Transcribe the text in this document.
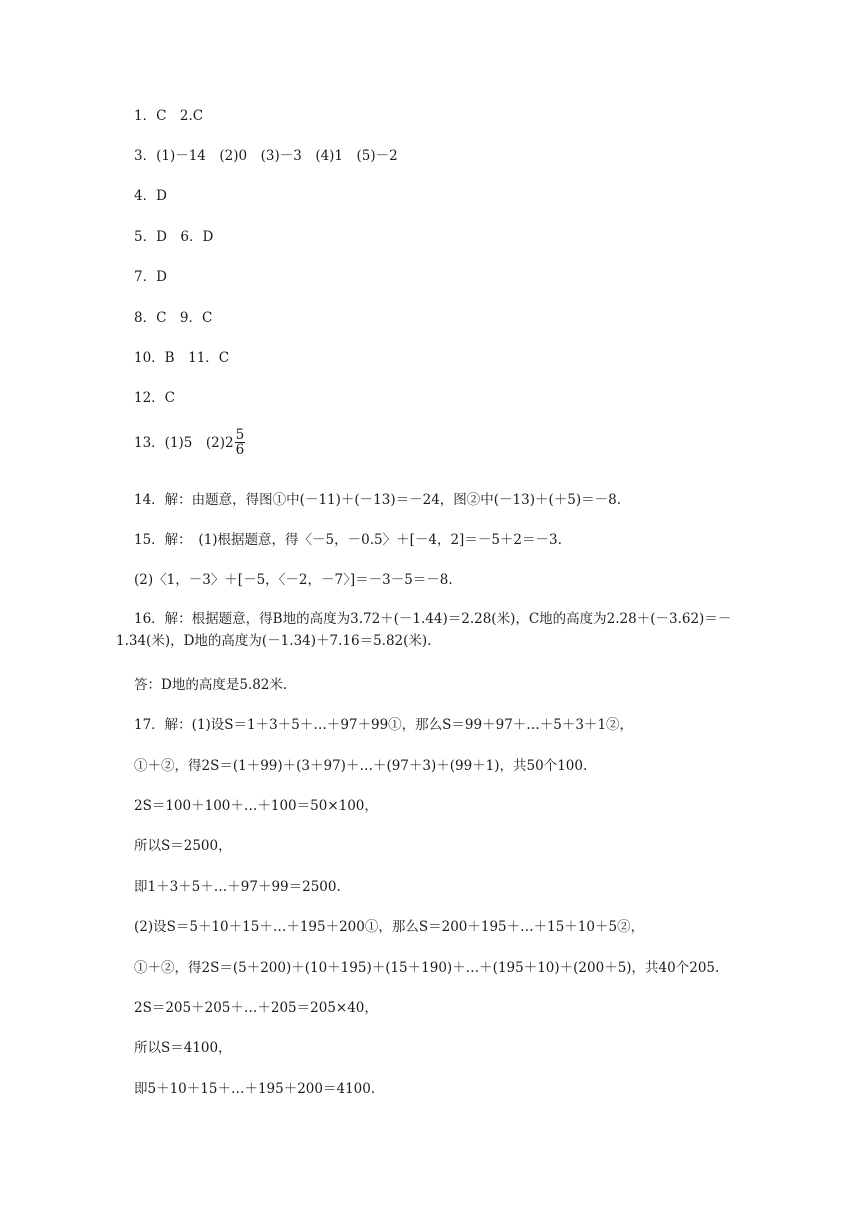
1．C　2.C
3．(1)－14　(2)0　(3)－3　(4)1　(5)－2
4．D
5．D　6．D
7．D
8．C　9．C
10．B　11．C
12．C
13．(1)5　(2) $2 \frac{5}{6}$
14．解：由题意，得图①中(－11)＋(－13)＝－24，图②中(－13)＋(＋5)＝－8.
15．解：　(1)根据题意，得〈－5，－0.5〉＋[－4，2]＝－5＋2＝－3.
(2)〈1，－3〉＋[－5，〈－2，－7〉]＝－3－5＝－8.
16．解：根据题意，得B地的高度为3.72＋(－1.44)＝2.28(米)，C地的高度为2.28＋(－3.62)＝－1.34(米)，D地的高度为(－1.34)＋7.16＝5.82(米).
答：D地的高度是5.82米.
17．解：(1)设S＝1＋3＋5＋…＋97＋99①，那么S＝99＋97＋…＋5＋3＋1②，
①＋②，得2S＝(1＋99)＋(3＋97)＋…＋(97＋3)＋(99＋1)，共50个100.
2S＝100＋100＋…＋100＝50×100，
所以S＝2500，
即1＋3＋5＋…＋97＋99＝2500.
(2)设S＝5＋10＋15＋…＋195＋200①，那么S＝200＋195＋…＋15＋10＋5②，
①＋②，得2S＝(5＋200)＋(10＋195)＋(15＋190)＋…＋(195＋10)＋(200＋5)，共40个205.
2S＝205＋205＋…＋205＝205×40，
所以S＝4100，
即5＋10＋15＋…＋195＋200＝4100.
